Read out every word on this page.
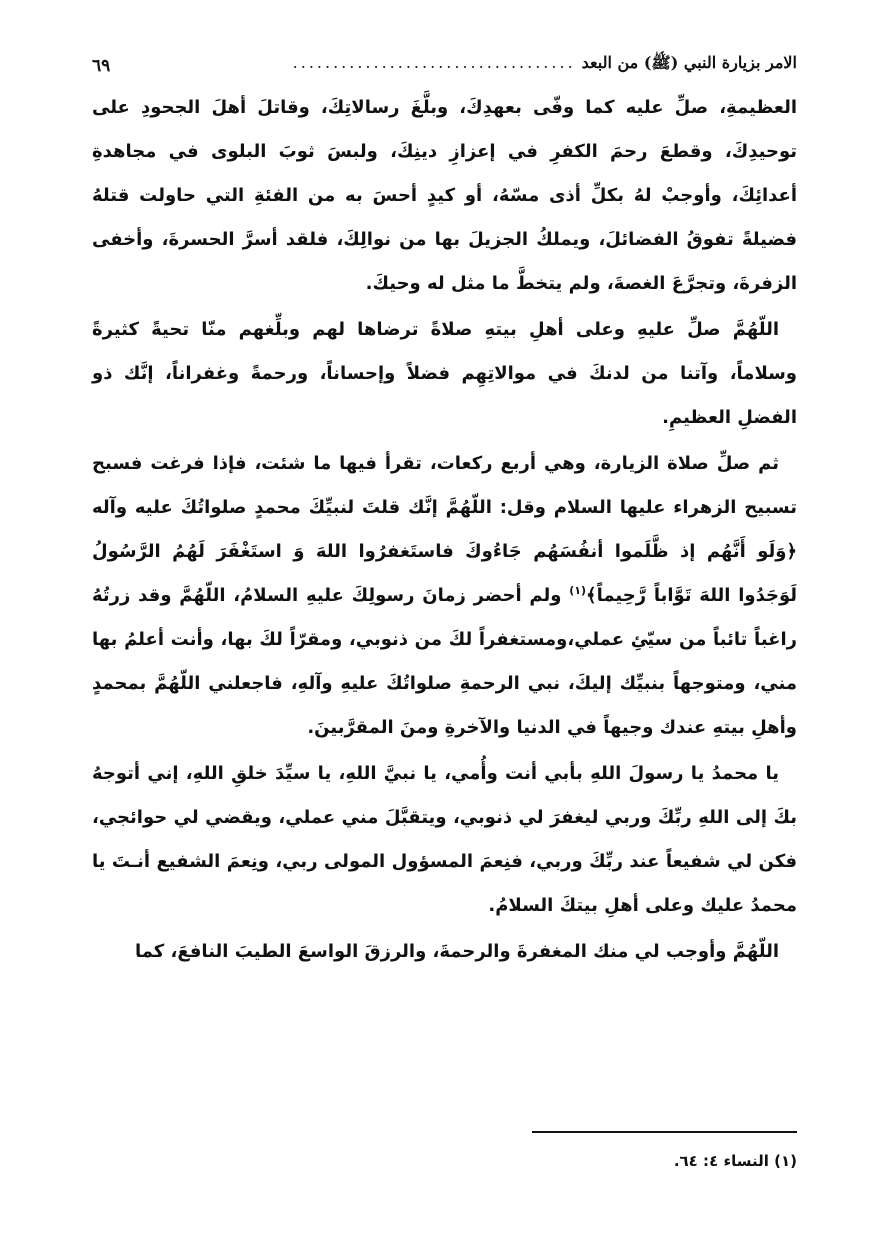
الامر بزيارة النبي (ﷺ) من البعد
...................................
٦٩

العظيمةِ، صلِّ عليه كما وفّى بعهدِكَ، وبلَّغَ رسالاتِكَ، وقاتلَ أهلَ الجحودِ على توحيدِكَ، وقطعَ رحمَ الكفرِ في إعزازِ دينِكَ، ولبسَ ثوبَ البلوى في مجاهدةِ أعدائِكَ، وأوجبْ لهُ بكلِّ أذى مسّهُ، أو كيدٍ أحسَ به من الفئةِ التي حاولت قتلهُ فضيلةً تفوقُ الفضائلَ، ويملكُ الجزيلَ بها من نوالِكَ، فلقد أسرَّ الحسرةَ، وأخفى الزفرةَ، وتجرَّعَ الغصةَ، ولم يتخطَّ ما مثل له وحيكَ.

اللّهُمَّ صلِّ عليهِ وعلى أهلِ بيتهِ صلاةً ترضاها لهم وبلِّغهم منّا تحيةً كثيرةً وسلاماً، وآتنا من لدنكَ في موالاتِهِم فضلاً وإحساناً، ورحمةً وغفراناً، إنَّك ذو الفضلِ العظيمِ.

ثم صلِّ صلاة الزيارة، وهي أربع ركعات، تقرأ فيها ما شئت، فإذا فرغت فسبح تسبيح الزهراء عليها السلام وقل: اللّهُمَّ إنَّك قلتَ لنبيِّكَ محمدٍ صلواتُكَ عليه وآله ﴿وَلَو أَنَّهُم إذ ظَّلَموا أنفُسَهُم جَاءُوكَ فاستَغفرُوا اللهَ وَ استَغْفَرَ لَهُمُ الرَّسُولُ لَوَجَدُوا اللهَ تَوَّاباً رَّحِيماً﴾$^{(١)}$ ولم أحضر زمانَ رسولِكَ عليهِ السلامُ، اللّهُمَّ وقد زرتُهُ راغباً تائباً من سيّئِ عملي،ومستغفراً لكَ من ذنوبي، ومقرّاً لكَ بها، وأنت أعلمُ بها مني، ومتوجهاً بنبيِّك إليكَ، نبي الرحمةِ صلواتُكَ عليهِ وآلهِ، فاجعلني اللّهُمَّ بمحمدٍ وأهلِ بيتهِ عندك وجيهاً في الدنيا والآخرةِ ومنَ المقرَّبينَ.

يا محمدُ يا رسولَ اللهِ بأبي أنت وأُمي، يا نبيَّ اللهِ، يا سيِّدَ خلقِ اللهِ، إني أتوجهُ بكَ إلى اللهِ ربِّكَ وربي ليغفرَ لي ذنوبي، ويتقبَّلَ مني عملي، ويقضي لي حوائجي، فكن لي شفيعاً عند ربِّكَ وربي، فنِعمَ المسؤول المولى ربي، ونِعمَ الشفيع أنـتَ يا محمدُ عليك وعلى أهلِ بيتكَ السلامُ.

اللّهُمَّ وأوجب لي منك المغفرةَ والرحمةَ، والرزقَ الواسعَ الطيبَ النافعَ، كما

(١) النساء ٤: ٦٤.
